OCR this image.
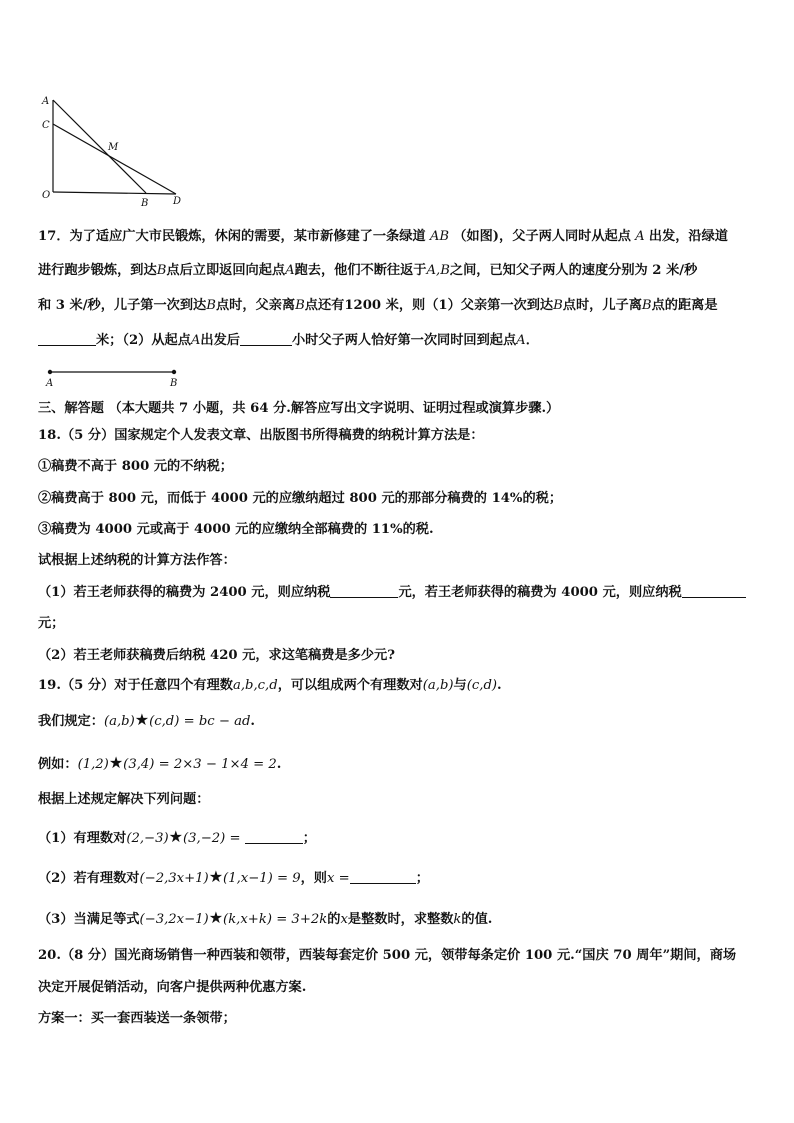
A
C
M
O
B D
17．为了适应广大市民锻炼，休闲的需要，某市新修建了一条绿道 AB （如图)，父子两人同时从起点 A 出发，沿绿道
进行跑步锻炼，到达B点后立即返回向起点A跑去，他们不断往返于A,B之间，已知父子两人的速度分别为 2 米/秒
和 3 米/秒，儿子第一次到达B点时，父亲离B点还有1200 米，则（1）父亲第一次到达B点时，儿子离B点的距离是
米；（2）从起点A出发后	小时父子两人恰好第一次同时回到起点A．
A	B
三、解答题 （本大题共 7 小题，共 64 分.解答应写出文字说明、证明过程或演算步骤.）
18.（5 分）国家规定个人发表文章、出版图书所得稿费的纳税计算方法是：
①稿费不高于 800 元的不纳税；
②稿费高于 800 元，而低于 4000 元的应缴纳超过 800 元的那部分稿费的 14%的税；
③稿费为 4000 元或高于 4000 元的应缴纳全部稿费的 11%的税.
试根据上述纳税的计算方法作答：
（1）若王老师获得的稿费为 2400 元，则应纳税	元，若王老师获得的稿费为 4000 元，则应纳税
元；
（2）若王老师获稿费后纳税 420 元，求这笔稿费是多少元?
19.（5 分）对于任意四个有理数a,b,c,d，可以组成两个有理数对(a,b)与(c,d).
我们规定：(a,b)★(c,d) = bc − ad.
例如：(1,2)★(3,4) = 2×3 − 1×4 = 2.
根据上述规定解决下列问题：
（1）有理数对(2,−3)★(3,−2) =	；
（2）若有理数对(−2,3x+1)★(1,x−1) = 9，则x =	；
（3）当满足等式(−3,2x−1)★(k,x+k) = 3+2k的x是整数时，求整数k的值.
20.（8 分）国光商场销售一种西装和领带，西装每套定价 500 元，领带每条定价 100 元.“国庆 70 周年”期间，商场
决定开展促销活动，向客户提供两种优惠方案.
方案一：买一套西装送一条领带；
